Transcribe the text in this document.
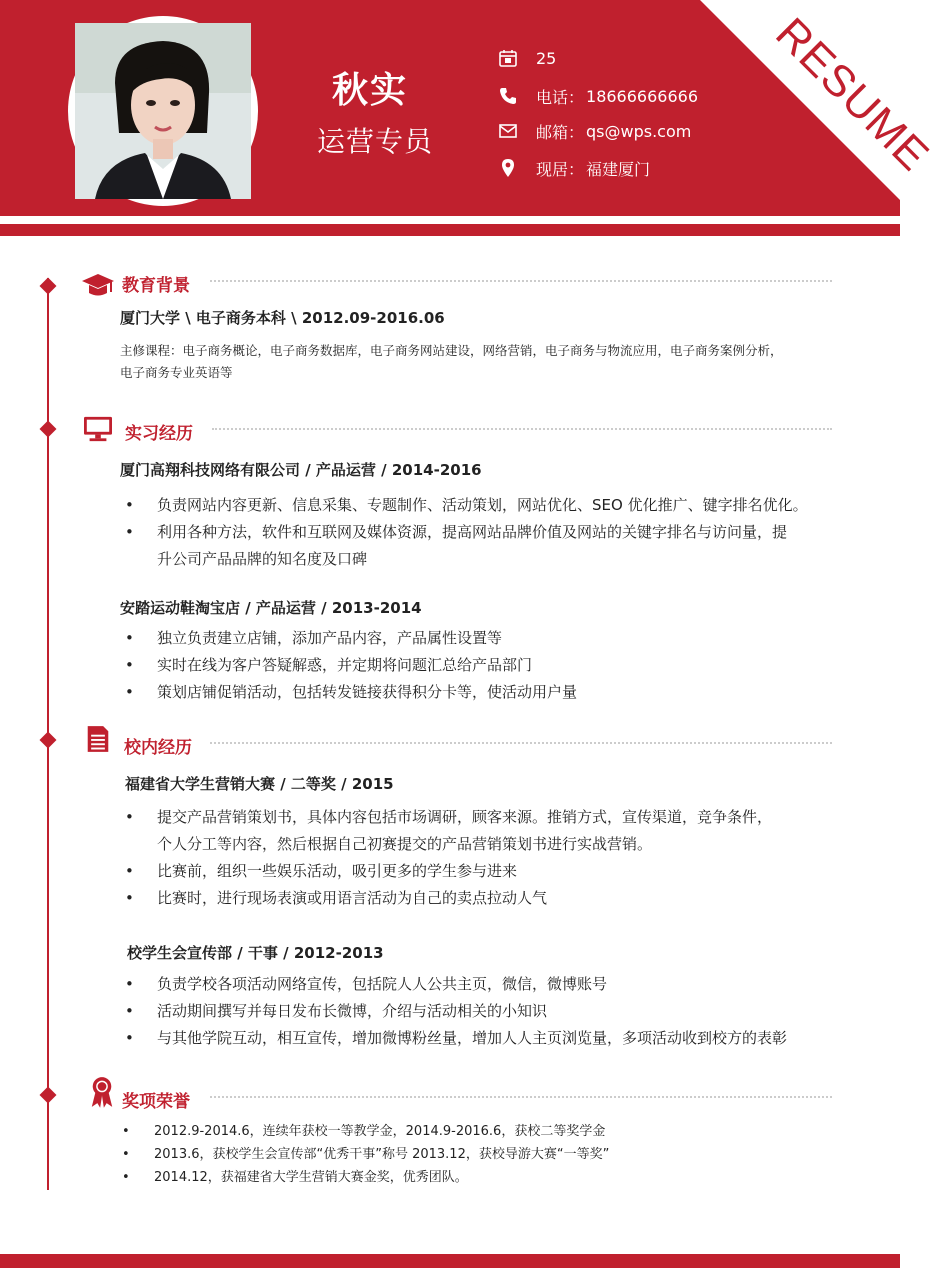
RESUME
秋实
运营专员
25
电话： 18666666666
邮箱： qs@wps.com
现居： 福建厦门
教育背景
厦门大学 \ 电子商务本科 \ 2012.09-2016.06
主修课程：电子商务概论，电子商务数据库，电子商务网站建设，网络营销，电子商务与物流应用，电子商务案例分析，
电子商务专业英语等
实习经历
厦门高翔科技网络有限公司 / 产品运营 / 2014-2016
• 负责网站内容更新、信息采集、专题制作、活动策划，网站优化、SEO 优化推广、键字排名优化。
• 利用各种方法，软件和互联网及媒体资源，提高网站品牌价值及网站的关键字排名与访问量，提
升公司产品品牌的知名度及口碑
安踏运动鞋淘宝店 / 产品运营 / 2013-2014
• 独立负责建立店铺，添加产品内容，产品属性设置等
• 实时在线为客户答疑解惑，并定期将问题汇总给产品部门
• 策划店铺促销活动，包括转发链接获得积分卡等，使活动用户量
校内经历
福建省大学生营销大赛 / 二等奖 / 2015
• 提交产品营销策划书，具体内容包括市场调研，顾客来源。推销方式，宣传渠道，竞争条件，
个人分工等内容，然后根据自己初赛提交的产品营销策划书进行实战营销。
• 比赛前，组织一些娱乐活动，吸引更多的学生参与进来
• 比赛时，进行现场表演或用语言活动为自己的卖点拉动人气
校学生会宣传部 / 干事 / 2012-2013
• 负责学校各项活动网络宣传，包括院人人公共主页，微信，微博账号
• 活动期间撰写并每日发布长微博，介绍与活动相关的小知识
• 与其他学院互动，相互宣传，增加微博粉丝量，增加人人主页浏览量，多项活动收到校方的表彰
奖项荣誉
• 2012.9-2014.6，连续年获校一等教学金，2014.9-2016.6，获校二等奖学金
• 2013.6，获校学生会宣传部“优秀干事”称号 2013.12，获校导游大赛“一等奖”
• 2014.12，获福建省大学生营销大赛金奖，优秀团队。
